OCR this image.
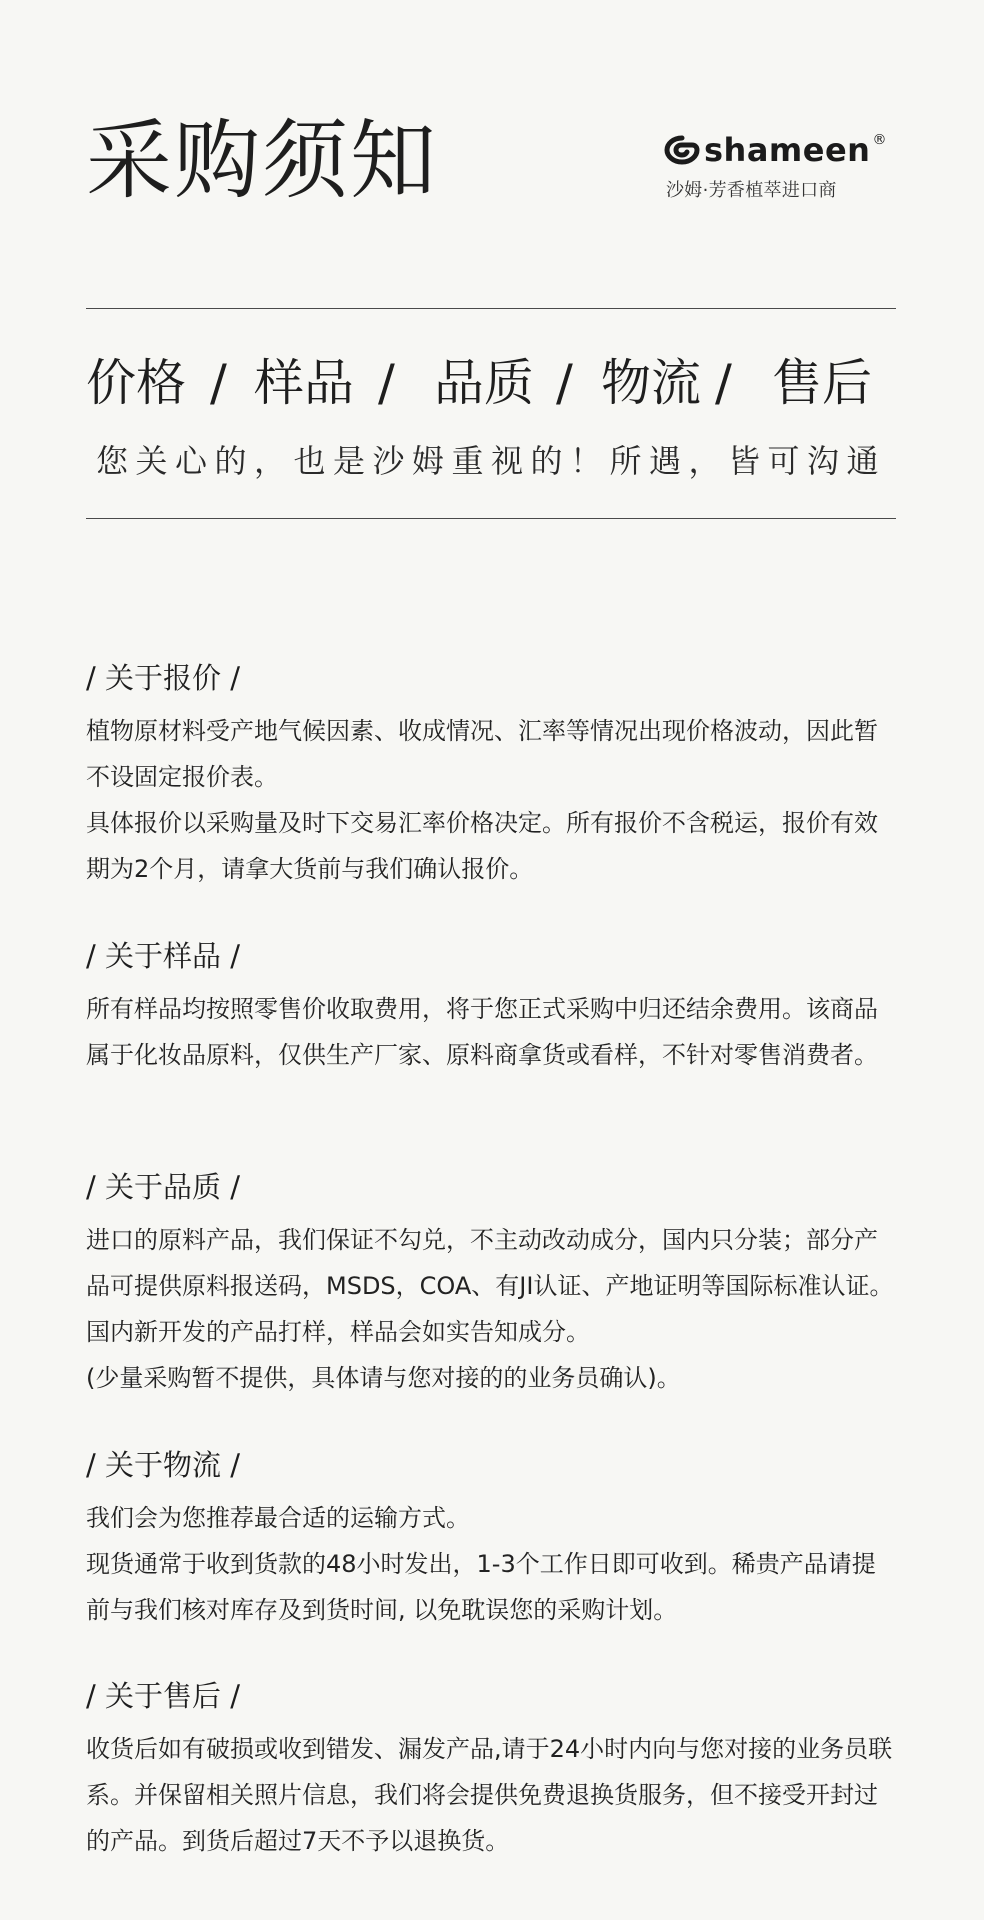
采购须知	shameen ®
沙姆·芳香植萃进口商
价格 / 样品 / 品质 / 物流 / 售后
您关心的，也是沙姆重视的！所遇，皆可沟通
/ 关于报价 /

植物原材料受产地气候因素、收成情况、汇率等情况出现价格波动，因此暂不设固定报价表。

具体报价以采购量及时下交易汇率价格决定。所有报价不含税运，报价有效期为2个月，请拿大货前与我们确认报价。

/ 关于样品 /

所有样品均按照零售价收取费用，将于您正式采购中归还结余费用。该商品属于化妆品原料，仅供生产厂家、原料商拿货或看样，不针对零售消费者。

/ 关于品质 /

进口的原料产品，我们保证不勾兑，不主动改动成分，国内只分装；部分产品可提供原料报送码，MSDS，COA、有JI认证、产地证明等国际标准认证。国内新开发的产品打样，样品会如实告知成分。

(少量采购暂不提供，具体请与您对接的的业务员确认)。

/ 关于物流 /

我们会为您推荐最合适的运输方式。

现货通常于收到货款的48小时发出，1-3个工作日即可收到。稀贵产品请提前与我们核对库存及到货时间, 以免耽误您的采购计划。

/ 关于售后 /

收货后如有破损或收到错发、漏发产品,请于24小时内向与您对接的业务员联系。并保留相关照片信息，我们将会提供免费退换货服务，但不接受开封过的产品。到货后超过7天不予以退换货。
